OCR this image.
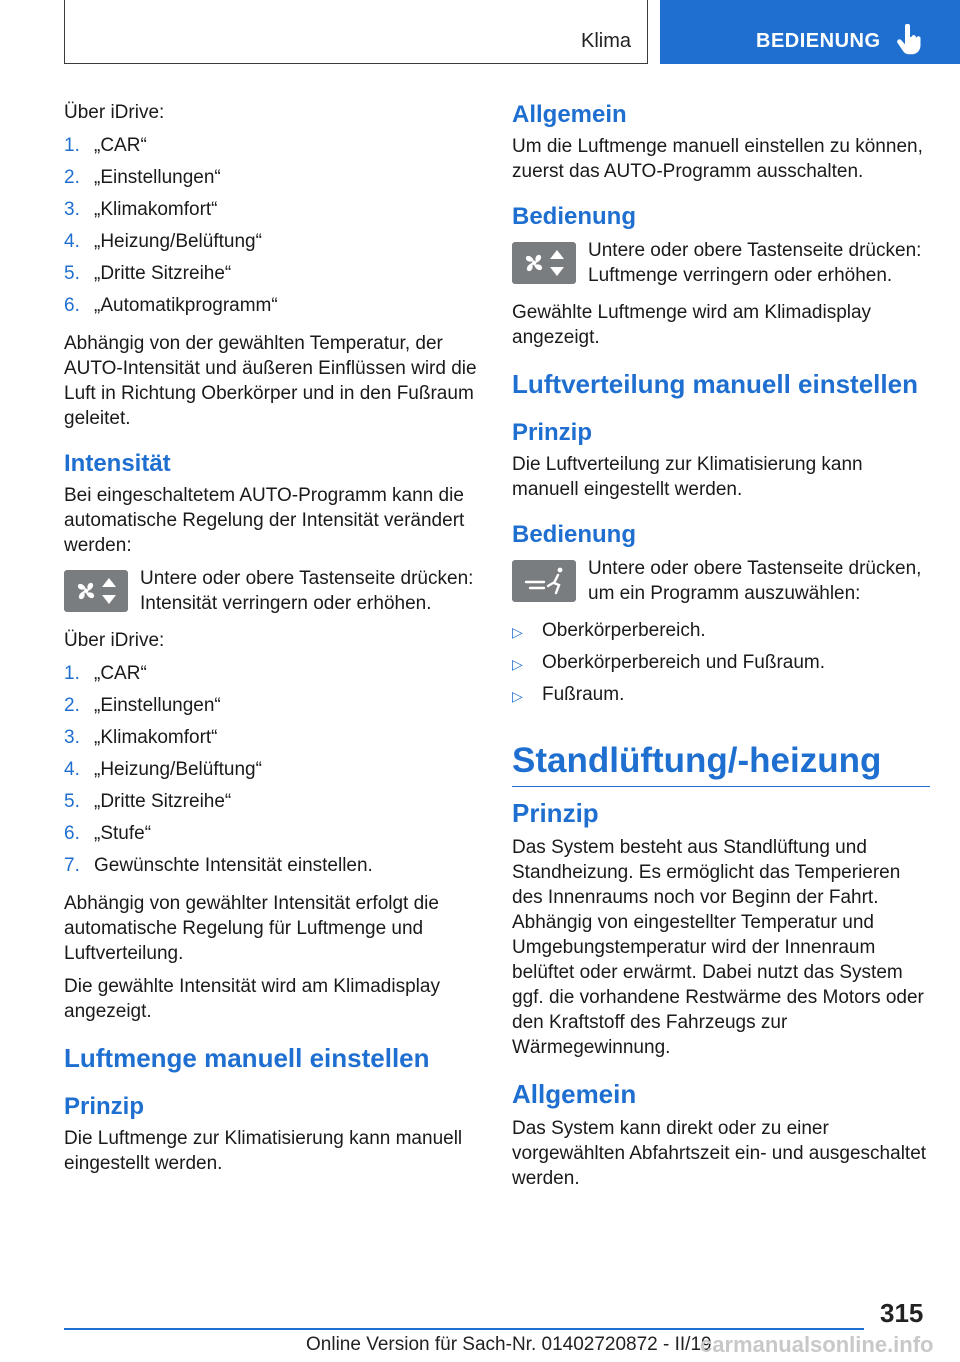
Klima	BEDIENUNG

Über iDrive:

1. „CAR“
2. „Einstellungen“
3. „Klimakomfort“
4. „Heizung/Belüftung“
5. „Dritte Sitzreihe“
6. „Automatikprogramm“

Abhängig von der gewählten Temperatur, der AUTO-Intensität und äußeren Einflüssen wird die Luft in Richtung Oberkörper und in den Fußraum geleitet.

Intensität

Bei eingeschaltetem AUTO-Programm kann die automatische Regelung der Intensität verändert werden:

Untere oder obere Tastenseite drücken: Intensität verringern oder erhöhen.

Über iDrive:

1. „CAR“
2. „Einstellungen“
3. „Klimakomfort“
4. „Heizung/Belüftung“
5. „Dritte Sitzreihe“
6. „Stufe“
7. Gewünschte Intensität einstellen.

Abhängig von gewählter Intensität erfolgt die automatische Regelung für Luftmenge und Luftverteilung.

Die gewählte Intensität wird am Klimadisplay angezeigt.

Luftmenge manuell einstellen
Prinzip

Die Luftmenge zur Klimatisierung kann manuell eingestellt werden.

Allgemein

Um die Luftmenge manuell einstellen zu können, zuerst das AUTO-Programm ausschalten.

Bedienung
Untere oder obere Tastenseite drücken: Luftmenge verringern oder erhöhen.

Gewählte Luftmenge wird am Klimadisplay angezeigt.

Luftverteilung manuell einstellen
Prinzip

Die Luftverteilung zur Klimatisierung kann manuell eingestellt werden.

Bedienung
Untere oder obere Tastenseite drücken, um ein Programm auszuwählen:
▷	Oberkörperbereich.
▷	Oberkörperbereich und Fußraum.
▷	Fußraum.
Standlüftung/-heizung
Prinzip

Das System besteht aus Standlüftung und Standheizung. Es ermöglicht das Temperieren des Innenraums noch vor Beginn der Fahrt. Abhängig von eingestellter Temperatur und Umgebungstemperatur wird der Innenraum belüftet oder erwärmt. Dabei nutzt das System ggf. die vorhandene Restwärme des Motors oder den Kraftstoff des Fahrzeugs zur Wärmegewinnung.

Allgemein

Das System kann direkt oder zu einer vorgewählten Abfahrtszeit ein- und ausgeschaltet werden.

315
Online Version für Sach-Nr. 01402720872 - II/19
carmanualsonline.info
